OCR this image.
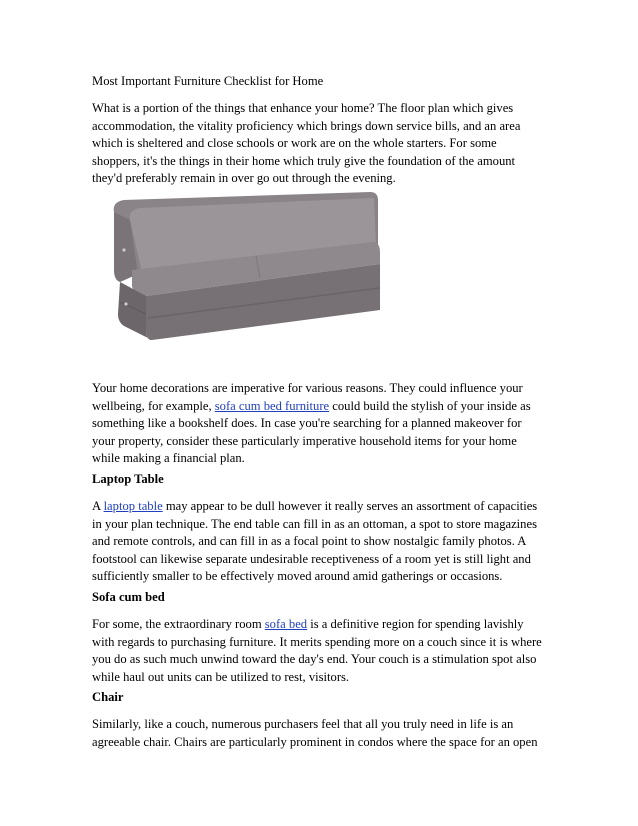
Most Important Furniture Checklist for Home

What is a portion of the things that enhance your home? The floor plan which gives

accommodation, the vitality proficiency which brings down service bills, and an area

which is sheltered and close schools or work are on the whole starters. For some

shoppers, it's the things in their home which truly give the foundation of the amount

they'd preferably remain in over go out through the evening.

Your home decorations are imperative for various reasons. They could influence your

wellbeing, for example, sofa cum bed furniture could build the stylish of your inside as

something like a bookshelf does. In case you're searching for a planned makeover for

your property, consider these particularly imperative household items for your home

while making a financial plan.

Laptop Table

A laptop table may appear to be dull however it really serves an assortment of capacities

in your plan technique. The end table can fill in as an ottoman, a spot to store magazines

and remote controls, and can fill in as a focal point to show nostalgic family photos. A

footstool can likewise separate undesirable receptiveness of a room yet is still light and

sufficiently smaller to be effectively moved around amid gatherings or occasions.

Sofa cum bed

For some, the extraordinary room sofa bed is a definitive region for spending lavishly

with regards to purchasing furniture. It merits spending more on a couch since it is where

you do as such much unwind toward the day's end. Your couch is a stimulation spot also

while haul out units can be utilized to rest, visitors.

Chair

Similarly, like a couch, numerous purchasers feel that all you truly need in life is an

agreeable chair. Chairs are particularly prominent in condos where the space for an open
